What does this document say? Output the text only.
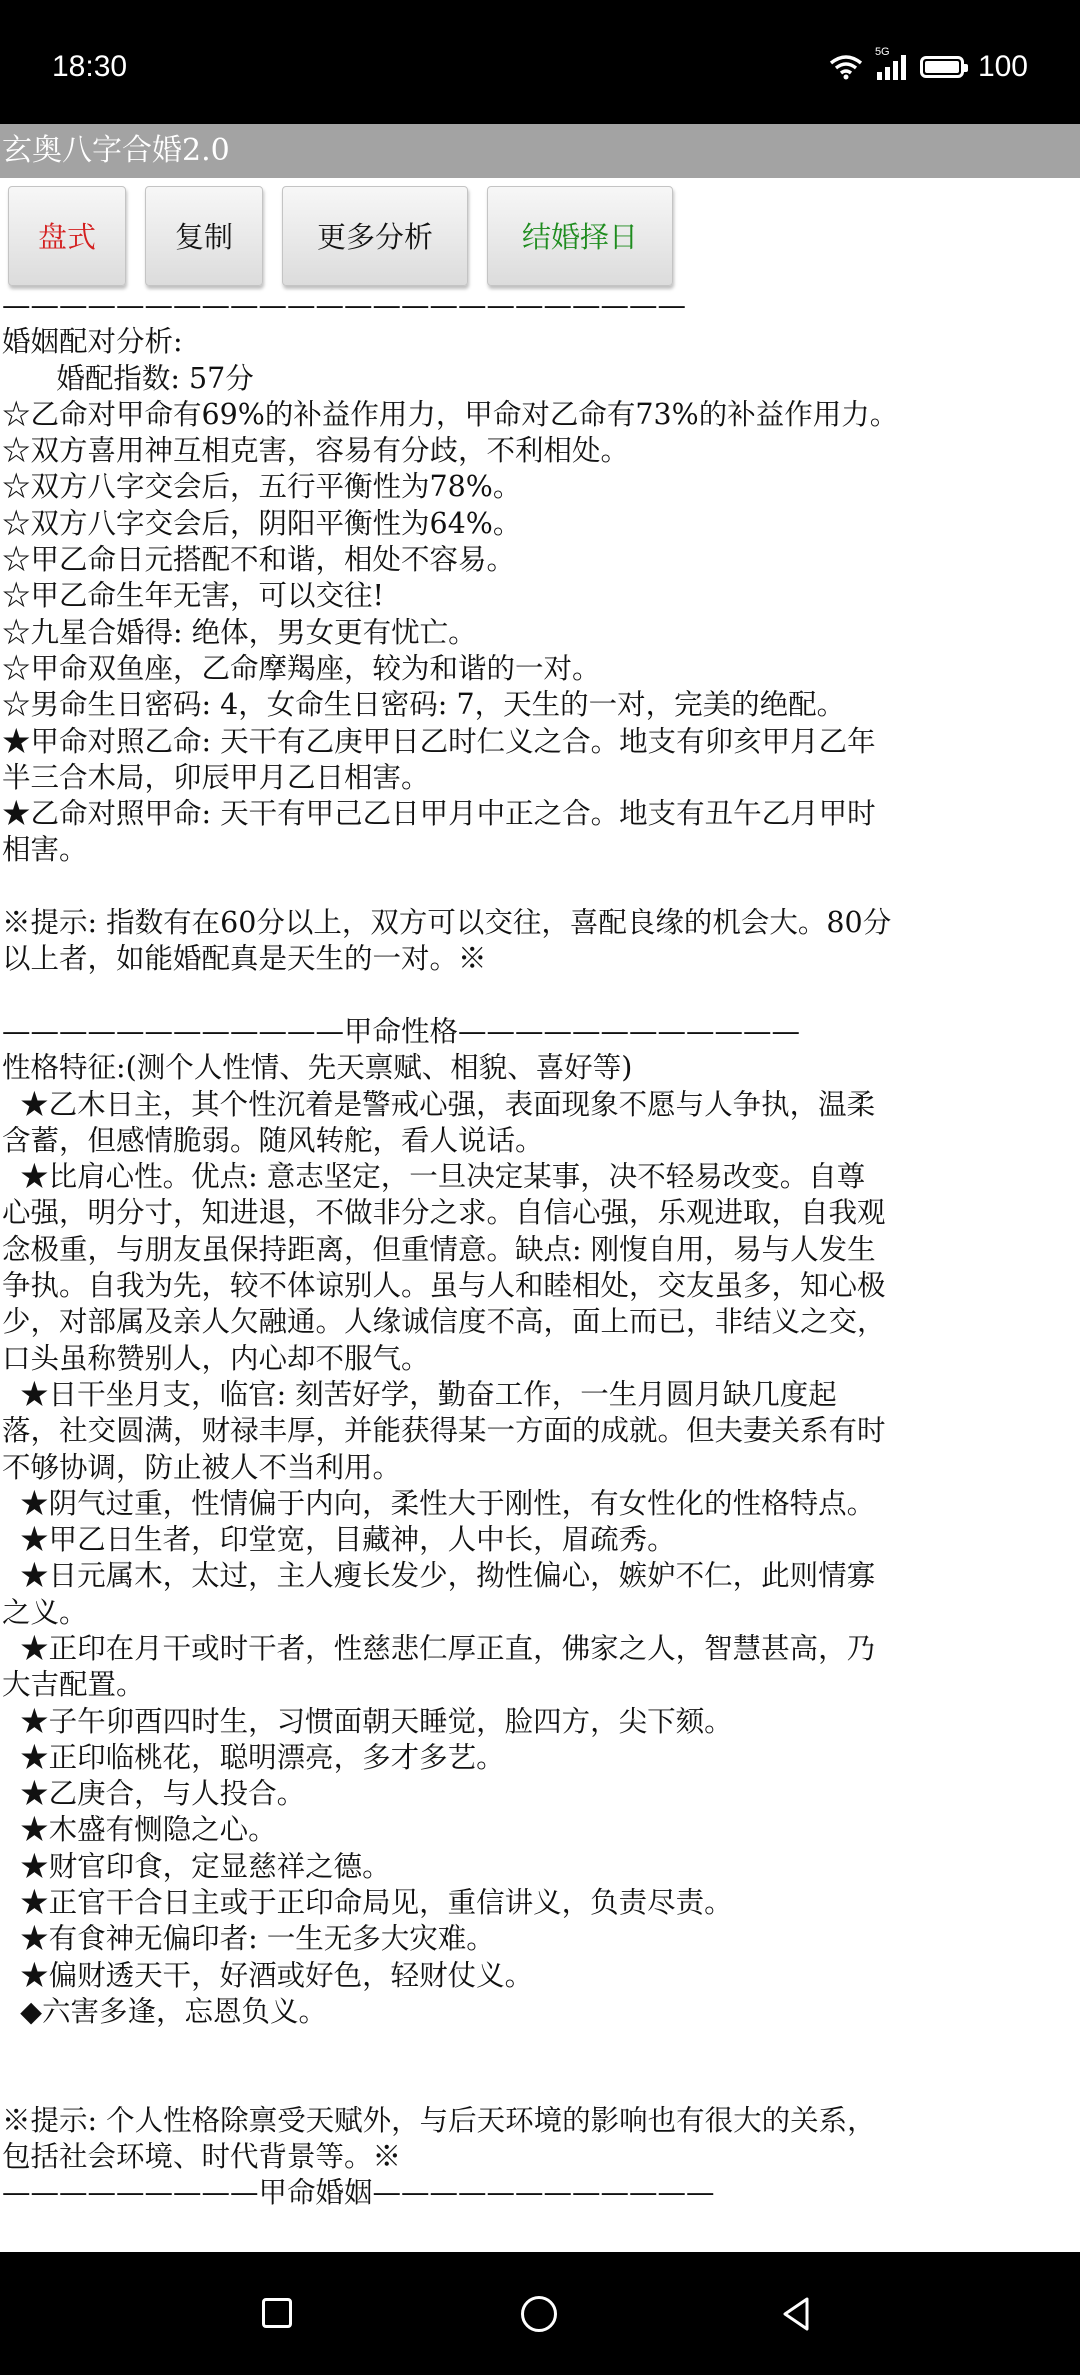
18:30	5G	100
玄奥八字合婚2.0
盘式	复制	更多分析	结婚择日
————————————————————————
婚姻配对分析:
婚配指数: 57分
☆乙命对甲命有69%的补益作用力，甲命对乙命有73%的补益作用力。
☆双方喜用神互相克害，容易有分歧，不利相处。
☆双方八字交会后，五行平衡性为78%。
☆双方八字交会后，阴阳平衡性为64%。
☆甲乙命日元搭配不和谐，相处不容易。
☆甲乙命生年无害，可以交往!
☆九星合婚得: 绝体，男女更有忧亡。
☆甲命双鱼座，乙命摩羯座，较为和谐的一对。
☆男命生日密码: 4，女命生日密码: 7，天生的一对，完美的绝配。
★甲命对照乙命: 天干有乙庚甲日乙时仁义之合。地支有卯亥甲月乙年
半三合木局，卯辰甲月乙日相害。
★乙命对照甲命: 天干有甲己乙日甲月中正之合。地支有丑午乙月甲时
相害。
※提示: 指数有在60分以上，双方可以交往，喜配良缘的机会大。80分
以上者，如能婚配真是天生的一对。※
————————————甲命性格————————————
性格特征:(测个人性情、先天禀赋、相貌、喜好等)
★乙木日主，其个性沉着是警戒心强，表面现象不愿与人争执，温柔
含蓄，但感情脆弱。随风转舵，看人说话。
★比肩心性。优点: 意志坚定，一旦决定某事，决不轻易改变。自尊
心强，明分寸，知进退，不做非分之求。自信心强，乐观进取，自我观
念极重，与朋友虽保持距离，但重情意。缺点: 刚愎自用，易与人发生
争执。自我为先，较不体谅别人。虽与人和睦相处，交友虽多，知心极
少，对部属及亲人欠融通。人缘诚信度不高，面上而已，非结义之交，
口头虽称赞别人，内心却不服气。
★日干坐月支，临官: 刻苦好学，勤奋工作，一生月圆月缺几度起
落，社交圆满，财禄丰厚，并能获得某一方面的成就。但夫妻关系有时
不够协调，防止被人不当利用。
★阴气过重，性情偏于内向，柔性大于刚性，有女性化的性格特点。
★甲乙日生者，印堂宽，目藏神，人中长，眉疏秀。
★日元属木，太过，主人瘦长发少，拗性偏心，嫉妒不仁，此则情寡
之义。
★正印在月干或时干者，性慈悲仁厚正直，佛家之人，智慧甚高，乃
大吉配置。
★子午卯酉四时生，习惯面朝天睡觉，脸四方，尖下颏。
★正印临桃花，聪明漂亮，多才多艺。
★乙庚合，与人投合。
★木盛有恻隐之心。
★财官印食，定显慈祥之德。
★正官干合日主或于正印命局见，重信讲义，负责尽责。
★有食神无偏印者: 一生无多大灾难。
★偏财透天干，好酒或好色，轻财仗义。
◆六害多逢，忘恩负义。
※提示: 个人性格除禀受天赋外，与后天环境的影响也有很大的关系，
包括社会环境、时代背景等。※
—————————甲命婚姻————————————
